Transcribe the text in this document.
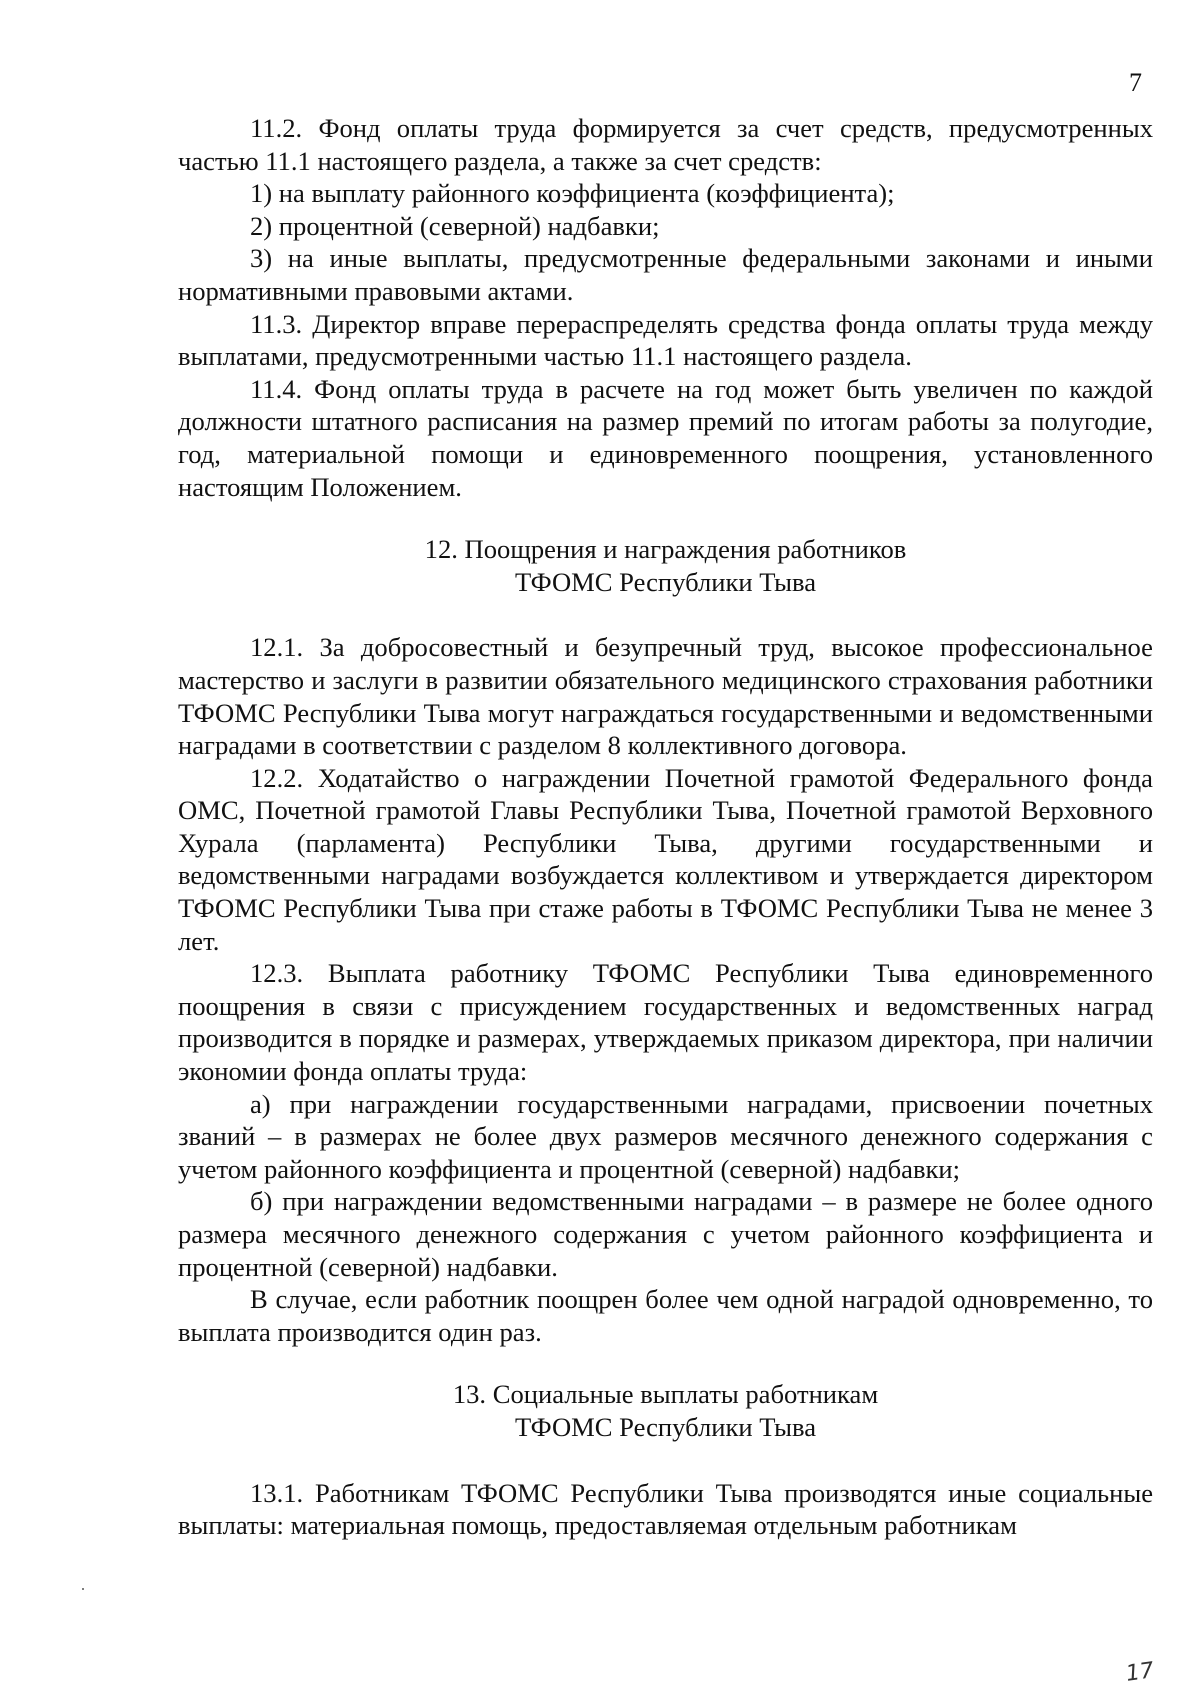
7

11.2. Фонд оплаты труда формируется за счет средств, предусмотренных частью 11.1 настоящего раздела, а также за счет средств:

1) на выплату районного коэффициента (коэффициента);

2) процентной (северной) надбавки;

3) на иные выплаты, предусмотренные федеральными законами и иными нормативными правовыми актами.

11.3. Директор вправе перераспределять средства фонда оплаты труда между выплатами, предусмотренными частью 11.1 настоящего раздела.

11.4. Фонд оплаты труда в расчете на год может быть увеличен по каждой должности штатного расписания на размер премий по итогам работы за полугодие, год, материальной помощи и единовременного поощрения, установленного настоящим Положением.

12. Поощрения и награждения работников
ТФОМС Республики Тыва

12.1. За добросовестный и безупречный труд, высокое профессиональное мастерство и заслуги в развитии обязательного медицинского страхования работники ТФОМС Республики Тыва могут награждаться государственными и ведомственными наградами в соответствии с разделом 8 коллективного договора.

12.2. Ходатайство о награждении Почетной грамотой Федерального фонда ОМС, Почетной грамотой Главы Республики Тыва, Почетной грамотой Верховного Хурала (парламента) Республики Тыва, другими государственными и ведомственными наградами возбуждается коллективом и утверждается директором ТФОМС Республики Тыва при стаже работы в ТФОМС Республики Тыва не менее 3 лет.

12.3. Выплата работнику ТФОМС Республики Тыва единовременного поощрения в связи с присуждением государственных и ведомственных наград производится в порядке и размерах, утверждаемых приказом директора, при наличии экономии фонда оплаты труда:

а) при награждении государственными наградами, присвоении почетных званий – в размерах не более двух размеров месячного денежного содержания с учетом районного коэффициента и процентной (северной) надбавки;

б) при награждении ведомственными наградами – в размере не более одного размера месячного денежного содержания с учетом районного коэффициента и процентной (северной) надбавки.

В случае, если работник поощрен более чем одной наградой одновременно, то выплата производится один раз.

13. Социальные выплаты работникам
ТФОМС Республики Тыва

13.1. Работникам ТФОМС Республики Тыва производятся иные социальные выплаты: материальная помощь, предоставляемая отдельным работникам

17
